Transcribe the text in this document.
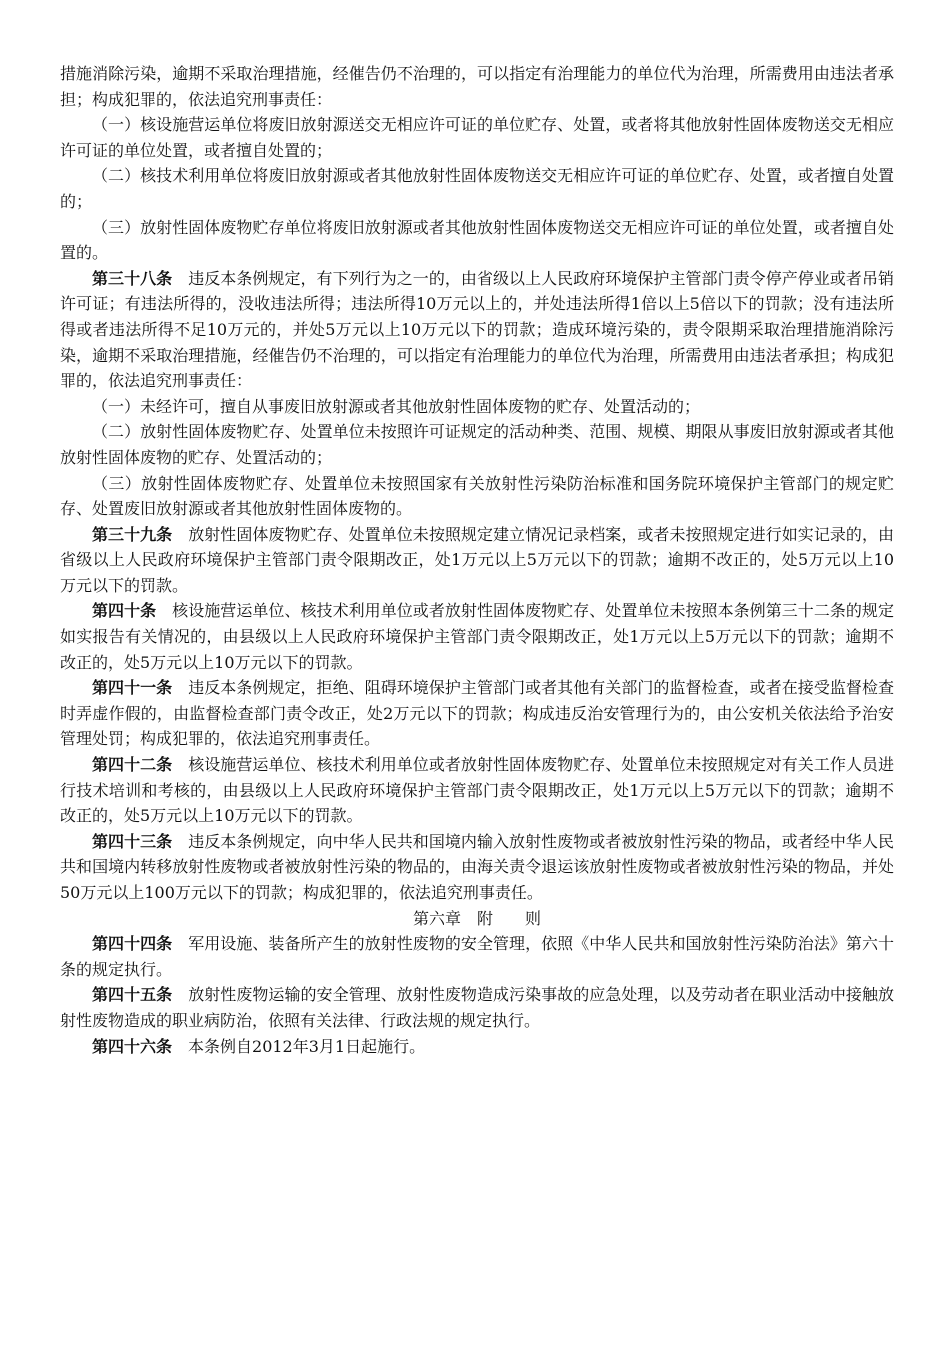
措施消除污染，逾期不采取治理措施，经催告仍不治理的，可以指定有治理能力的单位代为治理，所需费用由违法者承担；构成犯罪的，依法追究刑事责任：

（一）核设施营运单位将废旧放射源送交无相应许可证的单位贮存、处置，或者将其他放射性固体废物送交无相应许可证的单位处置，或者擅自处置的；

（二）核技术利用单位将废旧放射源或者其他放射性固体废物送交无相应许可证的单位贮存、处置，或者擅自处置的；

（三）放射性固体废物贮存单位将废旧放射源或者其他放射性固体废物送交无相应许可证的单位处置，或者擅自处置的。

第三十八条 违反本条例规定，有下列行为之一的，由省级以上人民政府环境保护主管部门责令停产停业或者吊销许可证；有违法所得的，没收违法所得；违法所得10万元以上的，并处违法所得1倍以上5倍以下的罚款；没有违法所得或者违法所得不足10万元的，并处5万元以上10万元以下的罚款；造成环境污染的，责令限期采取治理措施消除污染，逾期不采取治理措施，经催告仍不治理的，可以指定有治理能力的单位代为治理，所需费用由违法者承担；构成犯罪的，依法追究刑事责任：

（一）未经许可，擅自从事废旧放射源或者其他放射性固体废物的贮存、处置活动的；

（二）放射性固体废物贮存、处置单位未按照许可证规定的活动种类、范围、规模、期限从事废旧放射源或者其他放射性固体废物的贮存、处置活动的；

（三）放射性固体废物贮存、处置单位未按照国家有关放射性污染防治标准和国务院环境保护主管部门的规定贮存、处置废旧放射源或者其他放射性固体废物的。

第三十九条 放射性固体废物贮存、处置单位未按照规定建立情况记录档案，或者未按照规定进行如实记录的，由省级以上人民政府环境保护主管部门责令限期改正，处1万元以上5万元以下的罚款；逾期不改正的，处5万元以上10万元以下的罚款。

第四十条 核设施营运单位、核技术利用单位或者放射性固体废物贮存、处置单位未按照本条例第三十二条的规定如实报告有关情况的，由县级以上人民政府环境保护主管部门责令限期改正，处1万元以上5万元以下的罚款；逾期不改正的，处5万元以上10万元以下的罚款。

第四十一条 违反本条例规定，拒绝、阻碍环境保护主管部门或者其他有关部门的监督检查，或者在接受监督检查时弄虚作假的，由监督检查部门责令改正，处2万元以下的罚款；构成违反治安管理行为的，由公安机关依法给予治安管理处罚；构成犯罪的，依法追究刑事责任。

第四十二条 核设施营运单位、核技术利用单位或者放射性固体废物贮存、处置单位未按照规定对有关工作人员进行技术培训和考核的，由县级以上人民政府环境保护主管部门责令限期改正，处1万元以上5万元以下的罚款；逾期不改正的，处5万元以上10万元以下的罚款。

第四十三条 违反本条例规定，向中华人民共和国境内输入放射性废物或者被放射性污染的物品，或者经中华人民共和国境内转移放射性废物或者被放射性污染的物品的，由海关责令退运该放射性废物或者被放射性污染的物品，并处50万元以上100万元以下的罚款；构成犯罪的，依法追究刑事责任。

第六章　附　　则

第四十四条 军用设施、装备所产生的放射性废物的安全管理，依照《中华人民共和国放射性污染防治法》第六十条的规定执行。

第四十五条 放射性废物运输的安全管理、放射性废物造成污染事故的应急处理，以及劳动者在职业活动中接触放射性废物造成的职业病防治，依照有关法律、行政法规的规定执行。

第四十六条 本条例自2012年3月1日起施行。
